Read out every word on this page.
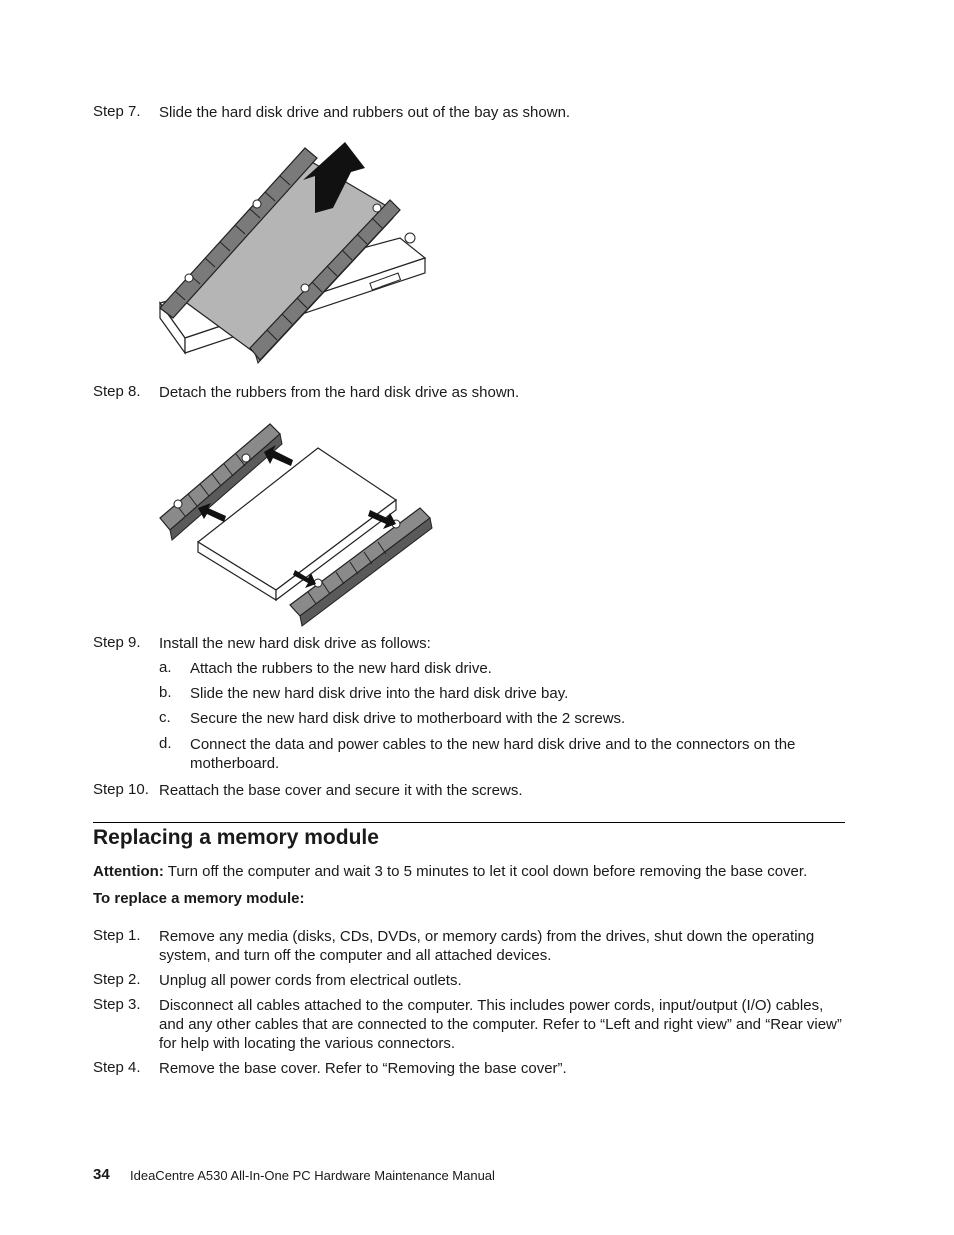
Step 7. Slide the hard disk drive and rubbers out of the bay as shown.
Step 8. Detach the rubbers from the hard disk drive as shown.
Step 9. Install the new hard disk drive as follows:
a. Attach the rubbers to the new hard disk drive.
b. Slide the new hard disk drive into the hard disk drive bay.
c. Secure the new hard disk drive to motherboard with the 2 screws.
d. Connect the data and power cables to the new hard disk drive and to the connectors on the motherboard.
Step 10. Reattach the base cover and secure it with the screws.
Replacing a memory module
Attention: Turn off the computer and wait 3 to 5 minutes to let it cool down before removing the base cover.
To replace a memory module:
Step 1. Remove any media (disks, CDs, DVDs, or memory cards) from the drives, shut down the operating system, and turn off the computer and all attached devices.
Step 2. Unplug all power cords from electrical outlets.
Step 3. Disconnect all cables attached to the computer. This includes power cords, input/output (I/O) cables, and any other cables that are connected to the computer. Refer to “Left and right view” and “Rear view” for help with locating the various connectors.
Step 4. Remove the base cover. Refer to “Removing the base cover”.
34 IdeaCentre A530 All-In-One PC Hardware Maintenance Manual
